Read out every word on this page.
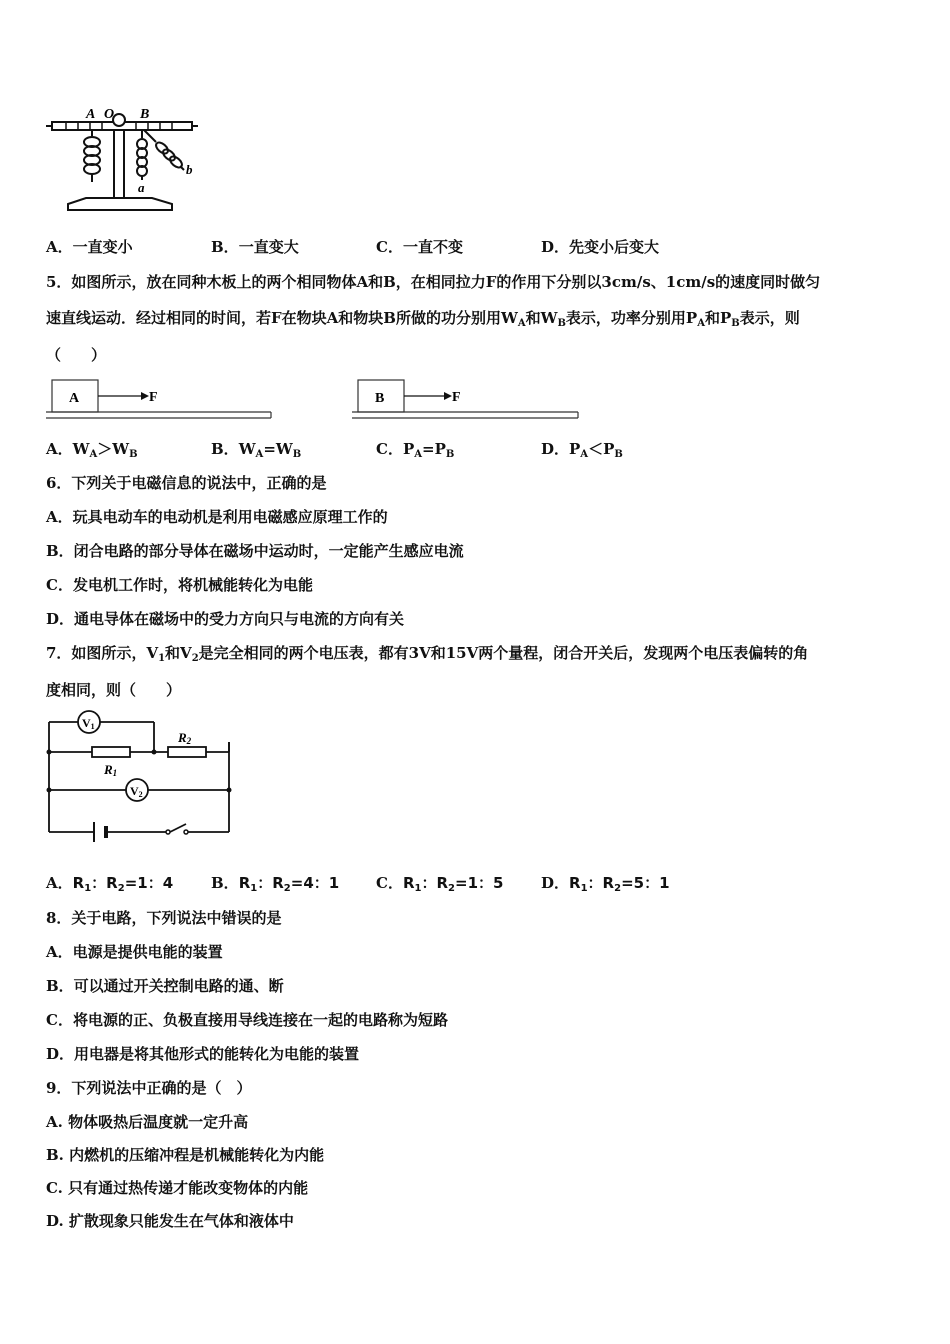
A O B
a
b
A．一直变小	B．一直变大	C．一直不变	D．先变小后变大
5．如图所示，放在同种木板上的两个相同物体A和B，在相同拉力F的作用下分别以3cm/s、1cm/s的速度同时做匀
速直线运动．经过相同的时间，若F在物块A和物块B所做的功分别用$W_A$和$W_B$表示，功率分别用$P_A$和$P_B$表示，则
（　　）
A	F	B	F
A．$W_A>W_B$	B．$W_A=W_B$	C．$P_A=P_B$	D．$P_A<P_B$
6．下列关于电磁信息的说法中，正确的是
A．玩具电动车的电动机是利用电磁感应原理工作的
B．闭合电路的部分导体在磁场中运动时，一定能产生感应电流
C．发电机工作时，将机械能转化为电能
D．通电导体在磁场中的受力方向只与电流的方向有关
7．如图所示，$V_1$和$V_2$是完全相同的两个电压表，都有3V和15V两个量程，闭合开关后，发现两个电压表偏转的角
度相同，则（　　）
V1
V2
R1
R2
A．$R_1$：$R_2=1$：4	B．$R_1$：$R_2=4$：1 C．$R_1$：$R_2=1$：5	D．$R_1$：$R_2=5$：1
8．关于电路，下列说法中错误的是
A．电源是提供电能的装置
B．可以通过开关控制电路的通、断
C．将电源的正、负极直接用导线连接在一起的电路称为短路
D．用电器是将其他形式的能转化为电能的装置
9．下列说法中正确的是（　）
A. 物体吸热后温度就一定升高
B. 内燃机的压缩冲程是机械能转化为内能
C. 只有通过热传递才能改变物体的内能
D. 扩散现象只能发生在气体和液体中
